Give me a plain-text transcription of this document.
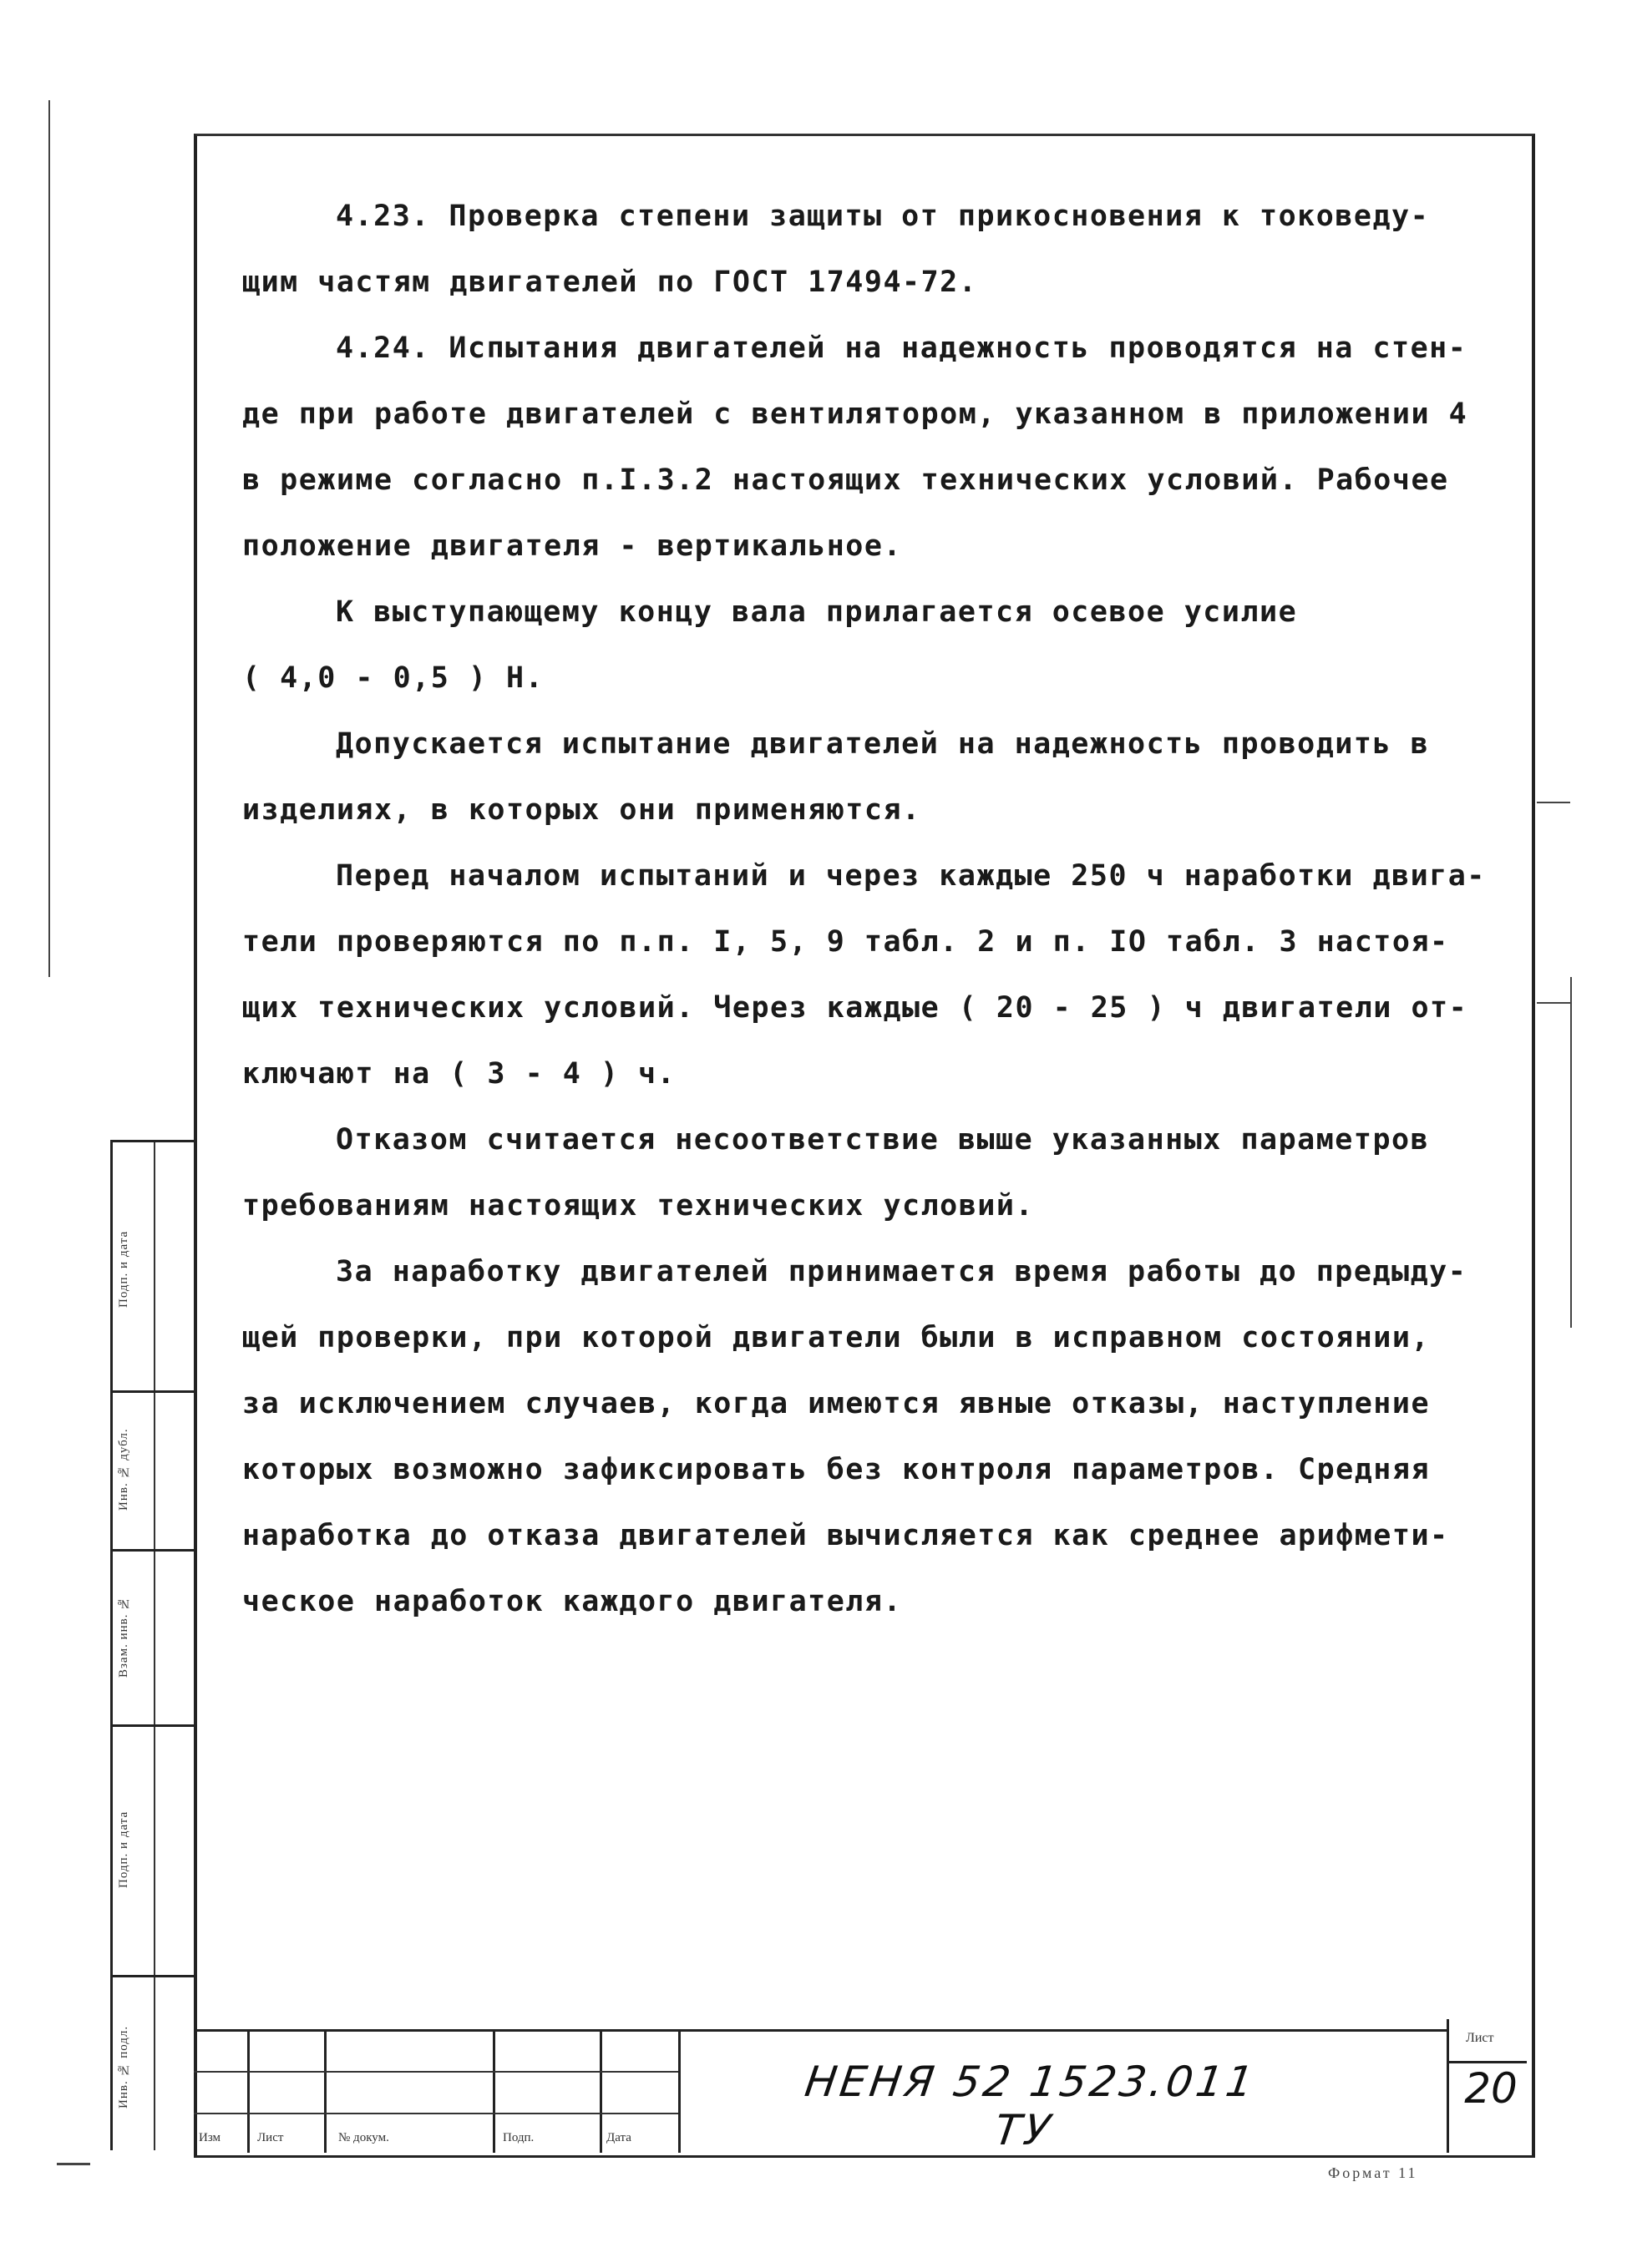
4.23. Проверка степени защиты от прикосновения к токоведу-

щим частям двигателей по ГОСТ 17494-72.

4.24. Испытания двигателей на надежность проводятся на стен-

де при работе двигателей с вентилятором, указанном в приложении 4

в режиме согласно п.I.3.2 настоящих технических условий. Рабочее

положение двигателя - вертикальное.

К выступающему концу вала прилагается осевое усилие

( 4,0 - 0,5 ) Н.

Допускается испытание двигателей на надежность проводить в

изделиях, в которых они применяются.

Перед началом испытаний и через каждые 250 ч наработки двига-

тели проверяются по п.п. I, 5, 9 табл. 2 и п. IO табл. 3 настоя-

щих технических условий. Через каждые ( 20 - 25 ) ч двигатели от-

ключают на ( 3 - 4 ) ч.

Отказом считается несоответствие выше указанных параметров

требованиям настоящих технических условий.

За наработку двигателей принимается время работы до предыду-

щей проверки, при которой двигатели были в исправном состоянии,

за исключением случаев, когда имеются явные отказы, наступление

которых возможно зафиксировать без контроля параметров. Средняя

наработка до отказа двигателей вычисляется как среднее арифмети-

ческое наработок каждого двигателя.

Подп. и дата
Инв. № дубл.
Взам. инв. №
Подп. и дата
Инв. № подл.
Изм	Лист	№ докум.	Подп.	Дата
НЕНЯ 52 1523.011 ТУ
Лист
20
Формат 11
